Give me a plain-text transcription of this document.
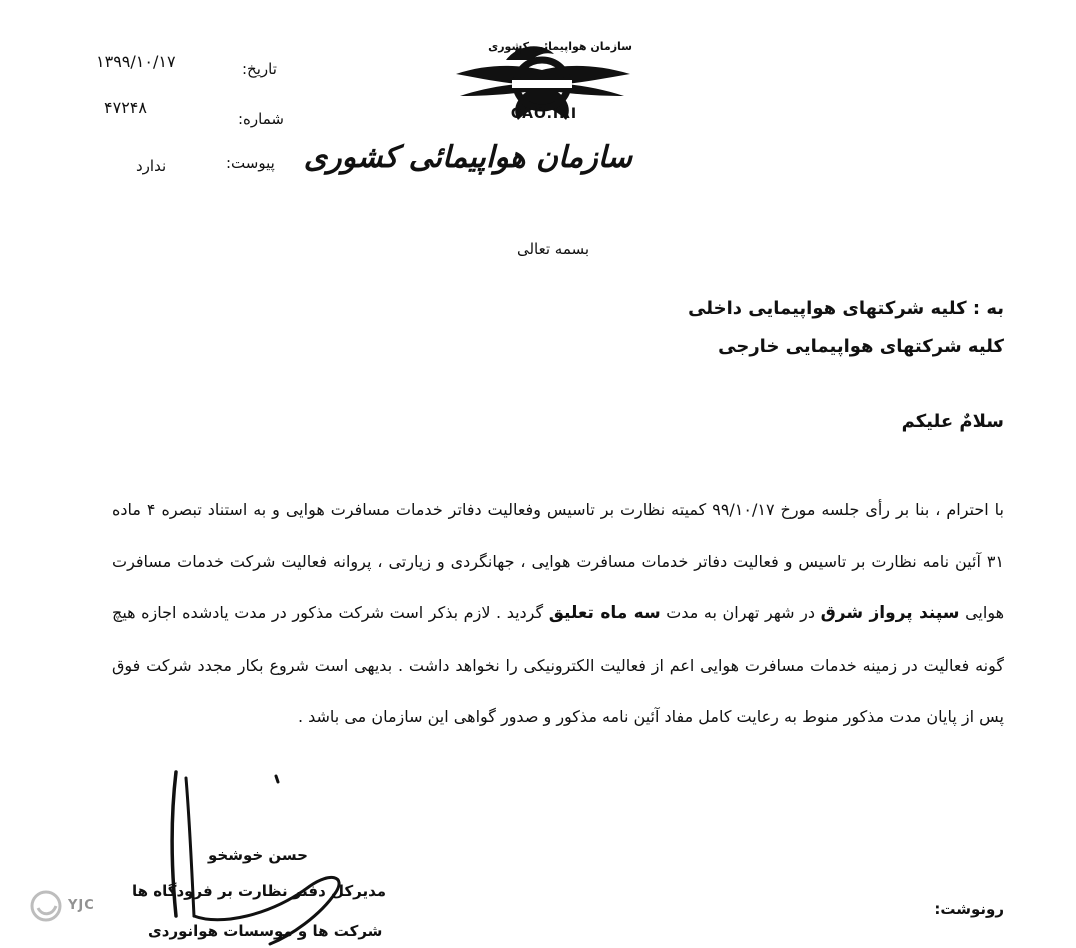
تاریخ:
۱۳۹۹/۱۰/۱۷
شماره:
۴۷۲۴۸
پیوست:
ندارد
سازمان هواپیمائی کشوری
CAO.IRI
سازمان هواپیمائی کشوری
بسمه تعالی
به : کلیه شرکتهای هواپیمایی داخلی
کلیه شرکتهای هواپیمایی خارجی
سلامٌ علیکم
با احترام ، بنا بر رأی جلسه مورخ ۹۹/۱۰/۱۷ کمیته نظارت بر تاسیس وفعالیت دفاتر خدمات مسافرت هوایی و به استناد تبصره ۴ ماده ۳۱ آئین نامه نظارت بر تاسیس و فعالیت دفاتر خدمات مسافرت هوایی ، جهانگردی و زیارتی ، پروانه فعالیت شرکت خدمات مسافرت هوایی سپند پرواز شرق در شهر تهران به مدت سه ماه تعلیق گردید . لازم بذکر است شرکت مذکور در مدت یادشده اجازه هیچ گونه فعالیت در زمینه خدمات مسافرت هوایی اعم از فعالیت الکترونیکی را نخواهد داشت . بدیهی است شروع بکار مجدد شرکت فوق پس از پایان مدت مذکور منوط به رعایت کامل مفاد آئین نامه مذکور و صدور گواهی این سازمان می باشد .
حسن خوشخو
مدیرکل دفتر نظارت بر فرودگاه ها
شرکت ها و موسسات هوانوردی
رونوشت:
YJC
